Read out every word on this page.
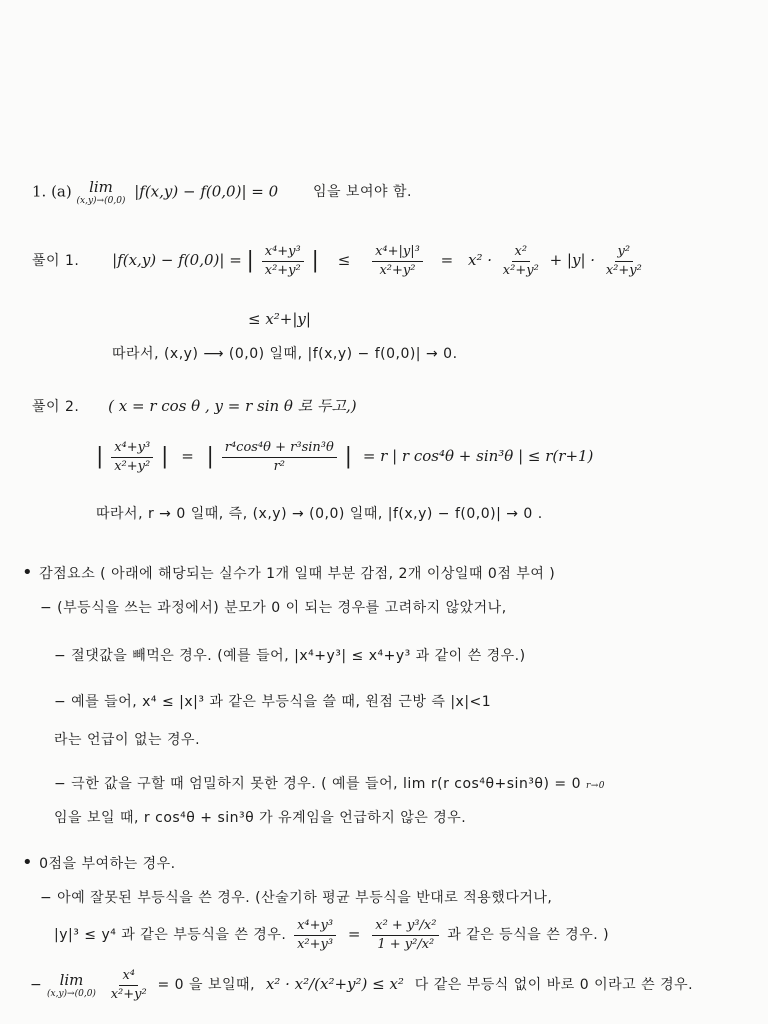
1. (a) lim
(x,y)→(0,0)
|f(x,y) − f(0,0)| = 0 임을 보여야 함.
풀이 1. |f(x,y) − f(0,0)| = | $\frac{\text{x⁴+y³}}{\text{x²+y²}}$ | ≤ $\frac{\text{x⁴+|y|³}}{\text{x²+y²}} = x^2 \cdot \frac{\text{x²}}{\text{x²+y²}} + |y| \cdot \frac{\text{y²}}{\text{x²+y²}}$
≤ x²+|y|
따라서, (x,y) ⟶ (0,0) 일때, |f(x,y) − f(0,0)| → 0.
풀이 2. ( x = r cos θ , y = r sin θ 로 두고,)
| $\frac{\text{x⁴+y³}}{\text{x²+y²}}$ | = | $\frac{\text{r⁴cos⁴θ + r³sin³θ}}{\text{r²}}$ | = r | r cos⁴θ + sin³θ | ≤ r(r+1)
따라서, r → 0 일때, 즉, (x,y) → (0,0) 일때, |f(x,y) − f(0,0)| → 0 .
• 감점요소 ( 아래에 해당되는 실수가 1개 일때 부분 감점, 2개 이상일때 0점 부여 )
− (부등식을 쓰는 과정에서) 분모가 0 이 되는 경우를 고려하지 않았거나,
− 절댓값을 빼먹은 경우. (예를 들어, |x⁴+y³| ≤ x⁴+y³ 과 같이 쓴 경우.)
− 예를 들어, x⁴ ≤ |x|³ 과 같은 부등식을 쓸 때, 원점 근방 즉 |x|<1
라는 언급이 없는 경우.
− 극한 값을 구할 때 엄밀하지 못한 경우. ( 예를 들어, lim r(r cos⁴θ+sin³θ) = 0 r→0
임을 보일 때, r cos⁴θ + sin³θ 가 유계임을 언급하지 않은 경우.
• 0점을 부여하는 경우.
− 아예 잘못된 부등식을 쓴 경우. (산술기하 평균 부등식을 반대로 적용했다거나,
|y|³ ≤ y⁴ 과 같은 부등식을 쓴 경우. $\frac{\text{x⁴+y³}}{\text{x²+y³}} = \frac{\text{x² + y³/x²}}{\text{1 + y²/x²}}$ 과 같은 등식을 쓴 경우. )
− lim
(x,y)→(0,0)
$\frac{\text{x⁴}}{\text{x²+y²}} = 0$ 을 보일때, x² · x²/(x²+y²) ≤ x² 다 같은 부등식 없이 바로 0 이라고 쓴 경우.
